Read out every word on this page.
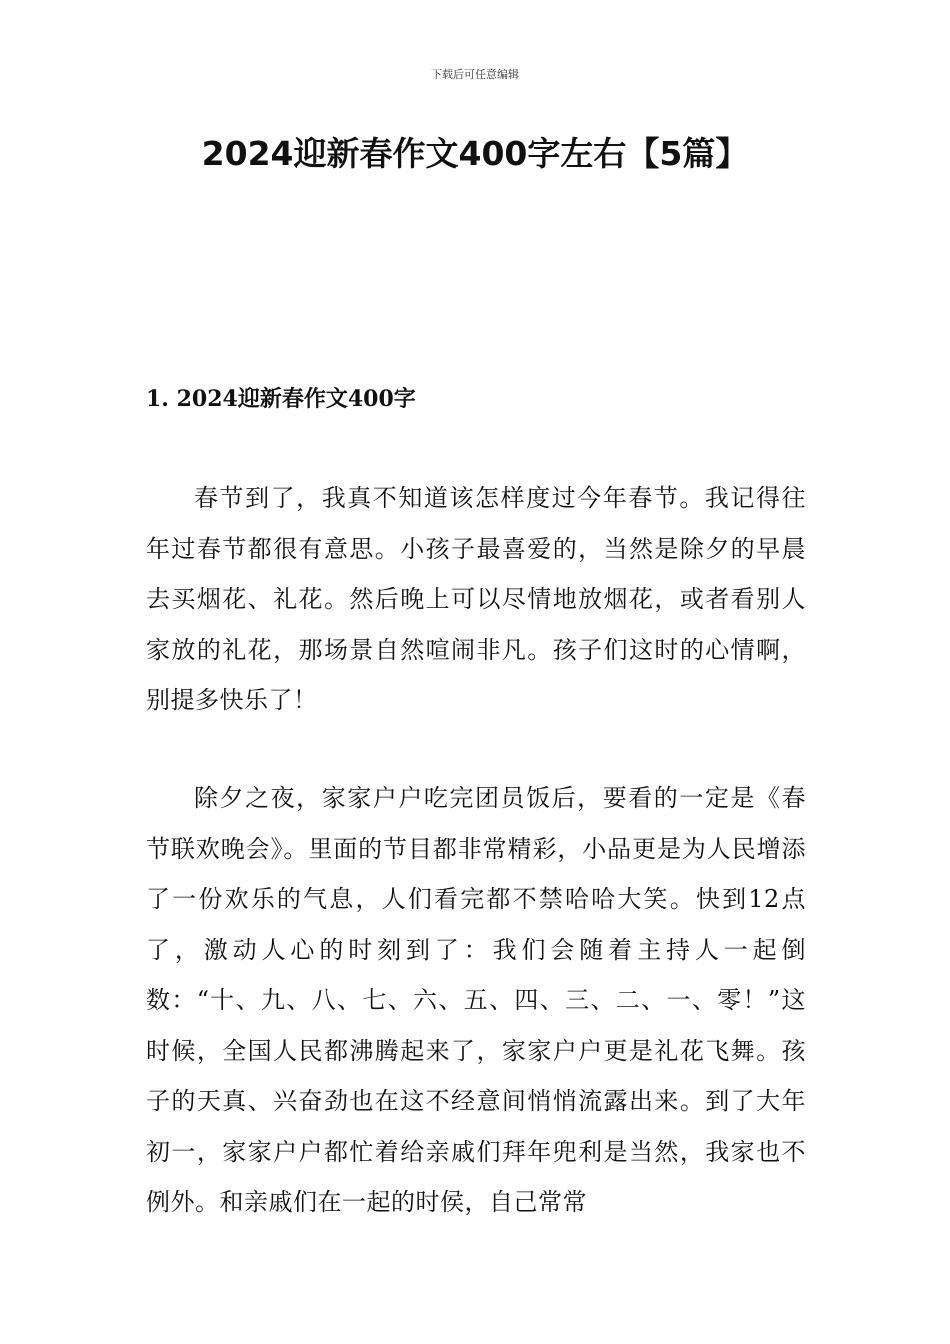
下载后可任意编辑
2024迎新春作文400字左右【5篇】
1. 2024迎新春作文400字

春节到了，我真不知道该怎样度过今年春节。我记得往年过春节都很有意思。小孩子最喜爱的，当然是除夕的早晨去买烟花、礼花。然后晚上可以尽情地放烟花，或者看别人家放的礼花，那场景自然喧闹非凡。孩子们这时的心情啊，别提多快乐了！

除夕之夜，家家户户吃完团员饭后，要看的一定是《春节联欢晚会》。里面的节目都非常精彩，小品更是为人民增添了一份欢乐的气息，人们看完都不禁哈哈大笑。快到12点了，激动人心的时刻到了：我们会随着主持人一起倒数：“十、九、八、七、六、五、四、三、二、一、零！”这时候，全国人民都沸腾起来了，家家户户更是礼花飞舞。孩子的天真、兴奋劲也在这不经意间悄悄流露出来。到了大年初一，家家户户都忙着给亲戚们拜年兜利是当然，我家也不例外。和亲戚们在一起的时侯，自己常常
